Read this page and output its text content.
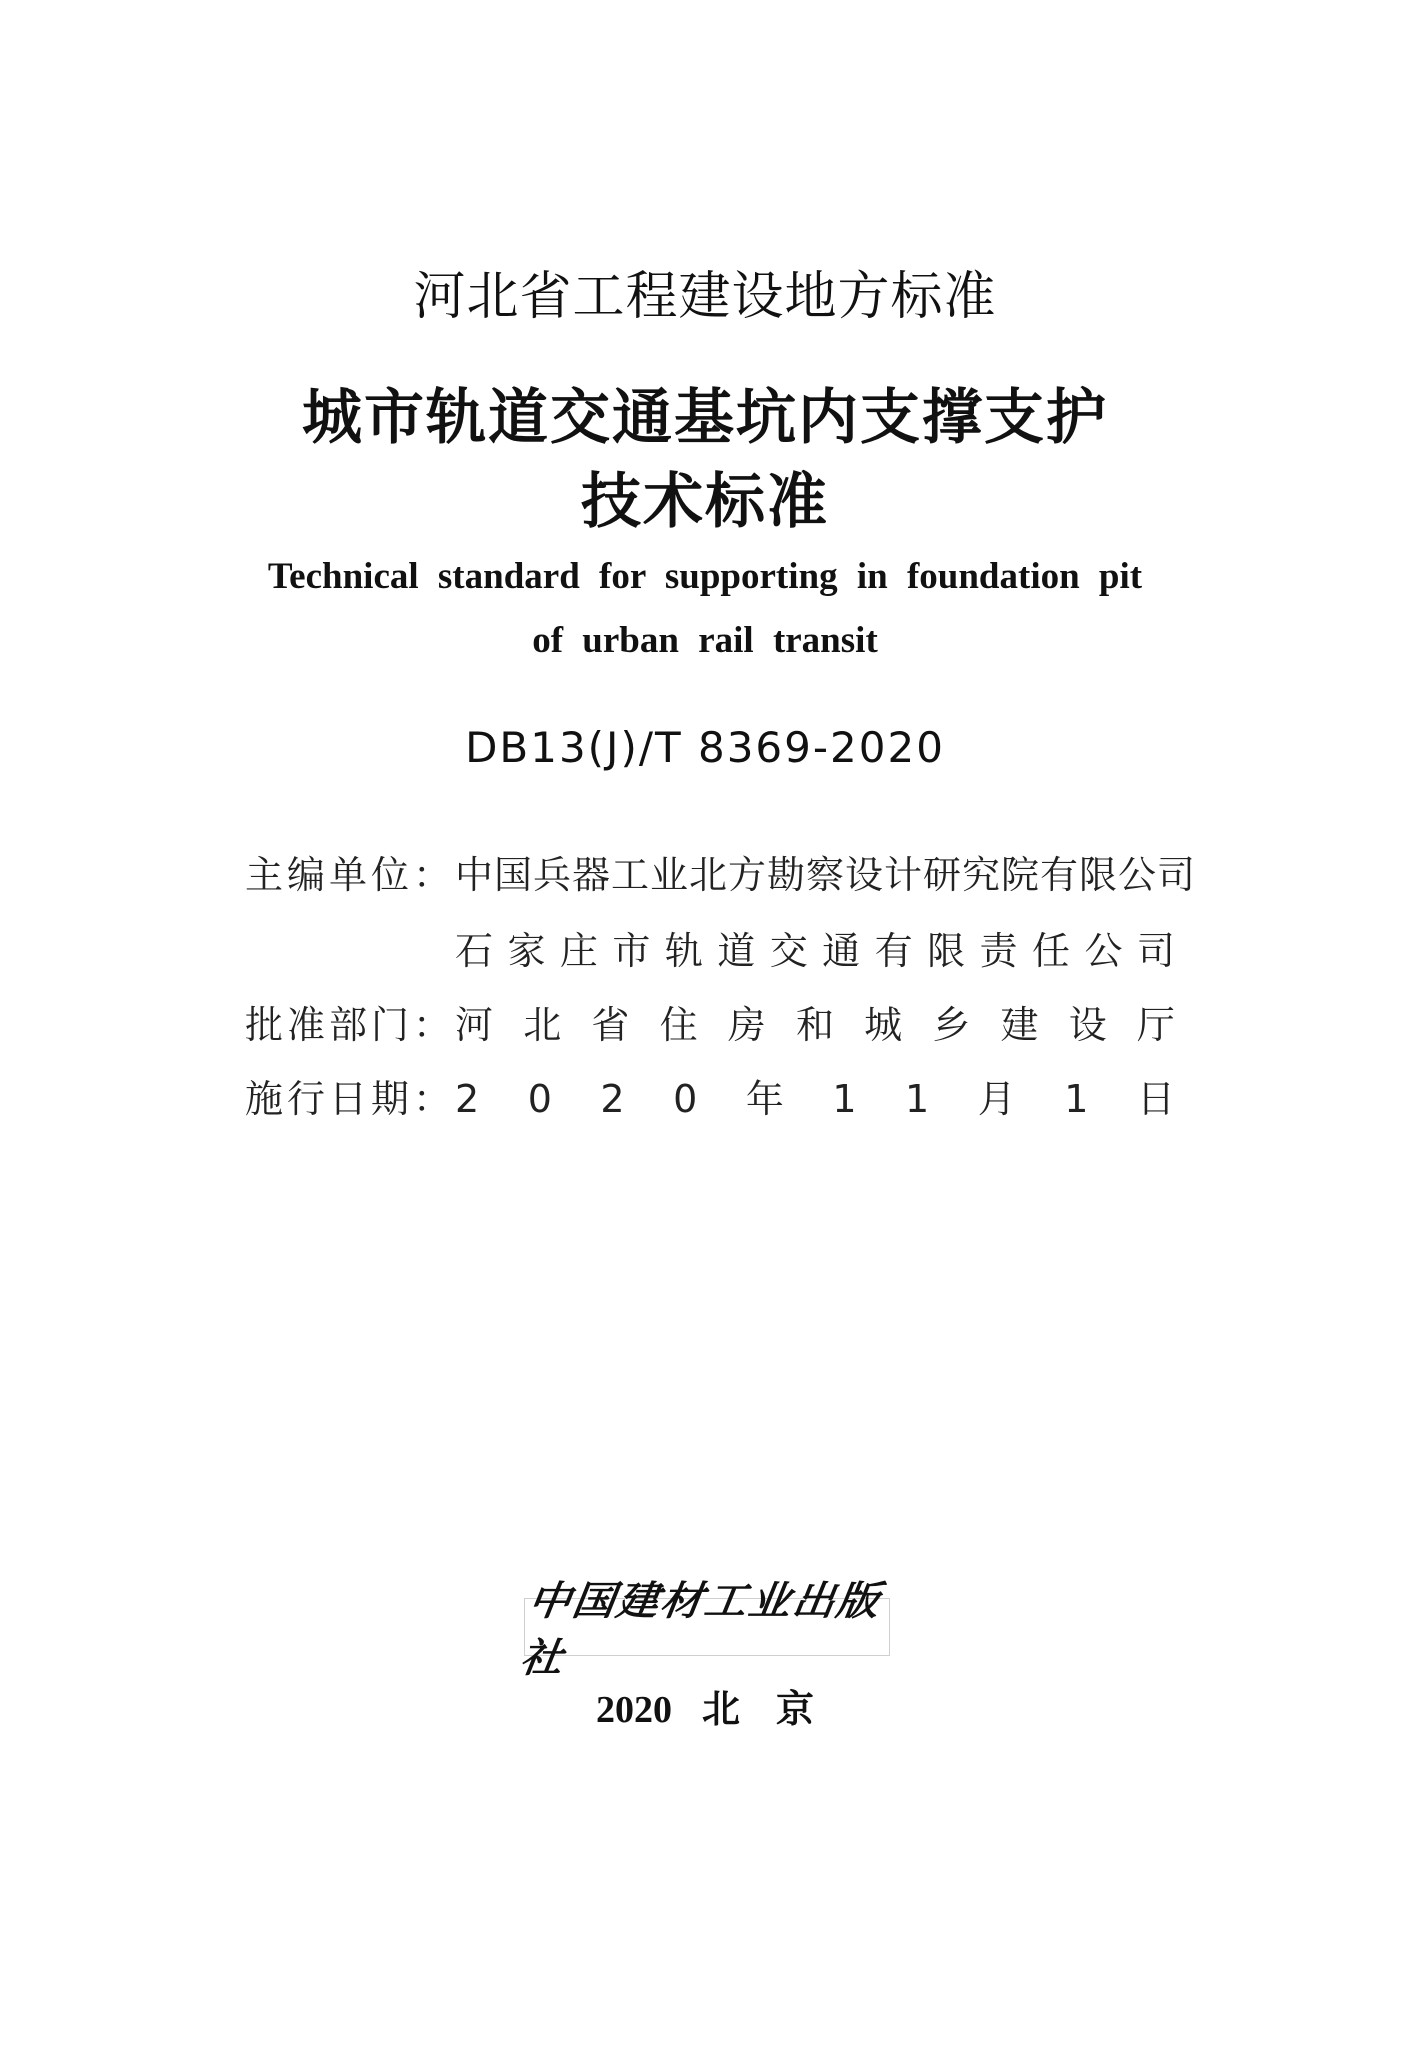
河北省工程建设地方标准
城市轨道交通基坑内支撑支护
技术标准
Technical standard for supporting in foundation pit
of urban rail transit
DB13(J)/T 8369-2020
主编单位： 中国兵器工业北方勘察设计研究院有限公司
石 家 庄 市 轨 道 交 通 有 限 责 任 公 司
批准部门： 河 北 省 住 房 和 城 乡 建 设 厅
施行日期： 2 0 2 0 年 1 1 月 1 日
中国建材工业出版社
2020 北京
